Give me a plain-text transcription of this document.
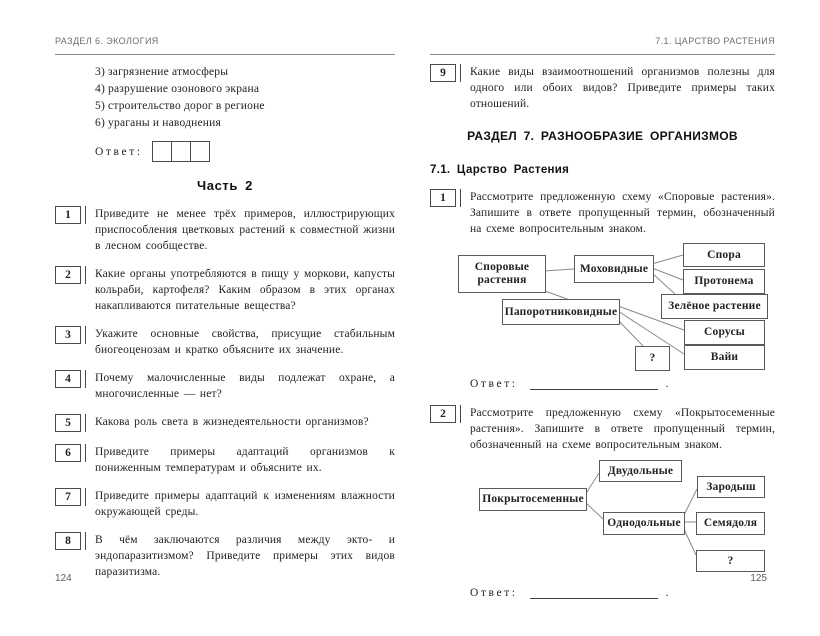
РАЗДЕЛ 6. ЭКОЛОГИЯ
3) загрязнение атмосферы
4) разрушение озонового экрана
5) строительство дорог в регионе
6) ураганы и наводнения
Ответ:
Часть 2
1	Приведите не менее трёх примеров, иллюстрирующих приспособления цветковых растений к совместной жизни в лесном сообществе.
2	Какие органы употребляются в пищу у моркови, капусты кольраби, картофеля? Каким образом в этих органах накапливаются питательные вещества?
3	Укажите основные свойства, присущие стабильным биогеоценозам и кратко объясните их значение.
4	Почему малочисленные виды подлежат охране, а многочисленные — нет?
5	Какова роль света в жизнедеятельности организмов?
6	Приведите примеры адаптаций организмов к пониженным температурам и объясните их.
7	Приведите примеры адаптаций к изменениям влажности окружающей среды.
8	В чём заключаются различия между экто- и эндопаразитизмом? Приведите примеры этих видов паразитизма.
124
7.1. ЦАРСТВО РАСТЕНИЯ
9	Какие виды взаимоотношений организмов полезны для одного или обоих видов? Приведите примеры таких отношений.
РАЗДЕЛ 7. РАЗНООБРАЗИЕ ОРГАНИЗМОВ
7.1. Царство Растения
1	Рассмотрите предложенную схему «Споровые растения». Запишите в ответе пропущенный термин, обозначенный на схеме вопросительным знаком.
Споровые растения
Моховидные
Спора
Протонема
Зелёное растение
Папоротниковидные
Сорусы
?	Вайи
Ответ:	.
2	Рассмотрите предложенную схему «Покрытосеменные растения». Запишите в ответе пропущенный термин, обозначенный на схеме вопросительным знаком.
Двудольные
Зародыш
Покрытосеменные
Однодольные	Семядоля
?
Ответ:	.
125
